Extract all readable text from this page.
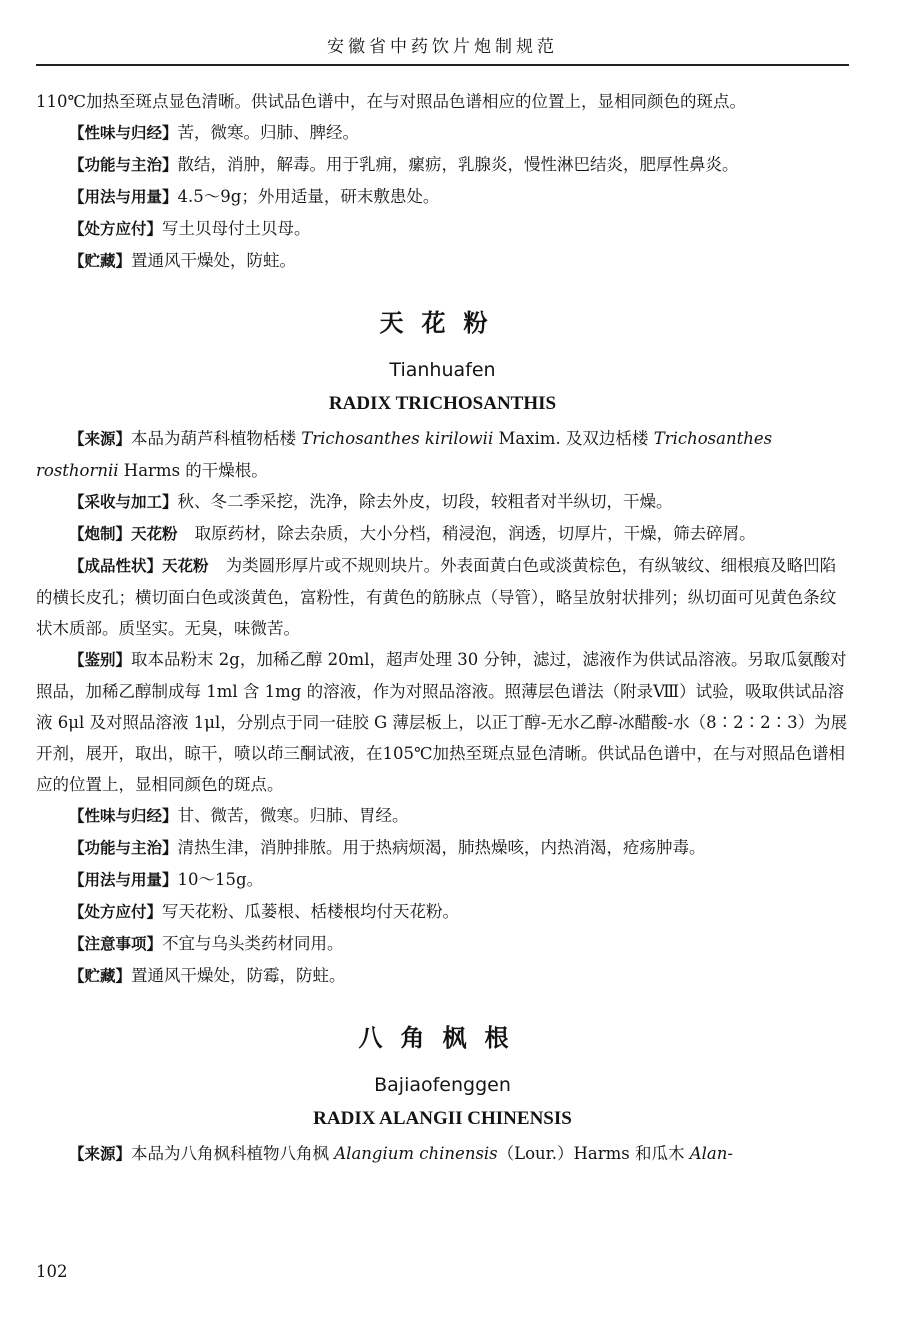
安徽省中药饮片炮制规范

110℃加热至斑点显色清晰。供试品色谱中，在与对照品色谱相应的位置上，显相同颜色的斑点。

【性味与归经】苦，微寒。归肺、脾经。

【功能与主治】散结，消肿，解毒。用于乳痈，瘰疬，乳腺炎，慢性淋巴结炎，肥厚性鼻炎。

【用法与用量】4.5～9g；外用适量，研末敷患处。

【处方应付】写土贝母付土贝母。

【贮藏】置通风干燥处，防蛀。

天花粉
Tianhuafen
RADIX TRICHOSANTHIS

【来源】本品为葫芦科植物栝楼 Trichosanthes kirilowii Maxim. 及双边栝楼 Trichosanthes rosthornii Harms 的干燥根。

【采收与加工】秋、冬二季采挖，洗净，除去外皮，切段，较粗者对半纵切，干燥。

【炮制】天花粉 取原药材，除去杂质，大小分档，稍浸泡，润透，切厚片，干燥，筛去碎屑。

【成品性状】天花粉 为类圆形厚片或不规则块片。外表面黄白色或淡黄棕色，有纵皱纹、细根痕及略凹陷的横长皮孔；横切面白色或淡黄色，富粉性，有黄色的筋脉点（导管），略呈放射状排列；纵切面可见黄色条纹状木质部。质坚实。无臭，味微苦。

【鉴别】取本品粉末 2g，加稀乙醇 20ml，超声处理 30 分钟，滤过，滤液作为供试品溶液。另取瓜氨酸对照品，加稀乙醇制成每 1ml 含 1mg 的溶液，作为对照品溶液。照薄层色谱法（附录Ⅷ）试验，吸取供试品溶液 6μl 及对照品溶液 1μl，分别点于同一硅胶 G 薄层板上，以正丁醇-无水乙醇-冰醋酸-水（8∶2∶2∶3）为展开剂，展开，取出，晾干，喷以茚三酮试液，在105℃加热至斑点显色清晰。供试品色谱中，在与对照品色谱相应的位置上，显相同颜色的斑点。

【性味与归经】甘、微苦，微寒。归肺、胃经。

【功能与主治】清热生津，消肿排脓。用于热病烦渴，肺热燥咳，内热消渴，疮疡肿毒。

【用法与用量】10～15g。

【处方应付】写天花粉、瓜蒌根、栝楼根均付天花粉。

【注意事项】不宜与乌头类药材同用。

【贮藏】置通风干燥处，防霉，防蛀。

八角枫根
Bajiaofenggen
RADIX ALANGII CHINENSIS

【来源】本品为八角枫科植物八角枫 Alangium chinensis（Lour.）Harms 和瓜木 Alan-

102
